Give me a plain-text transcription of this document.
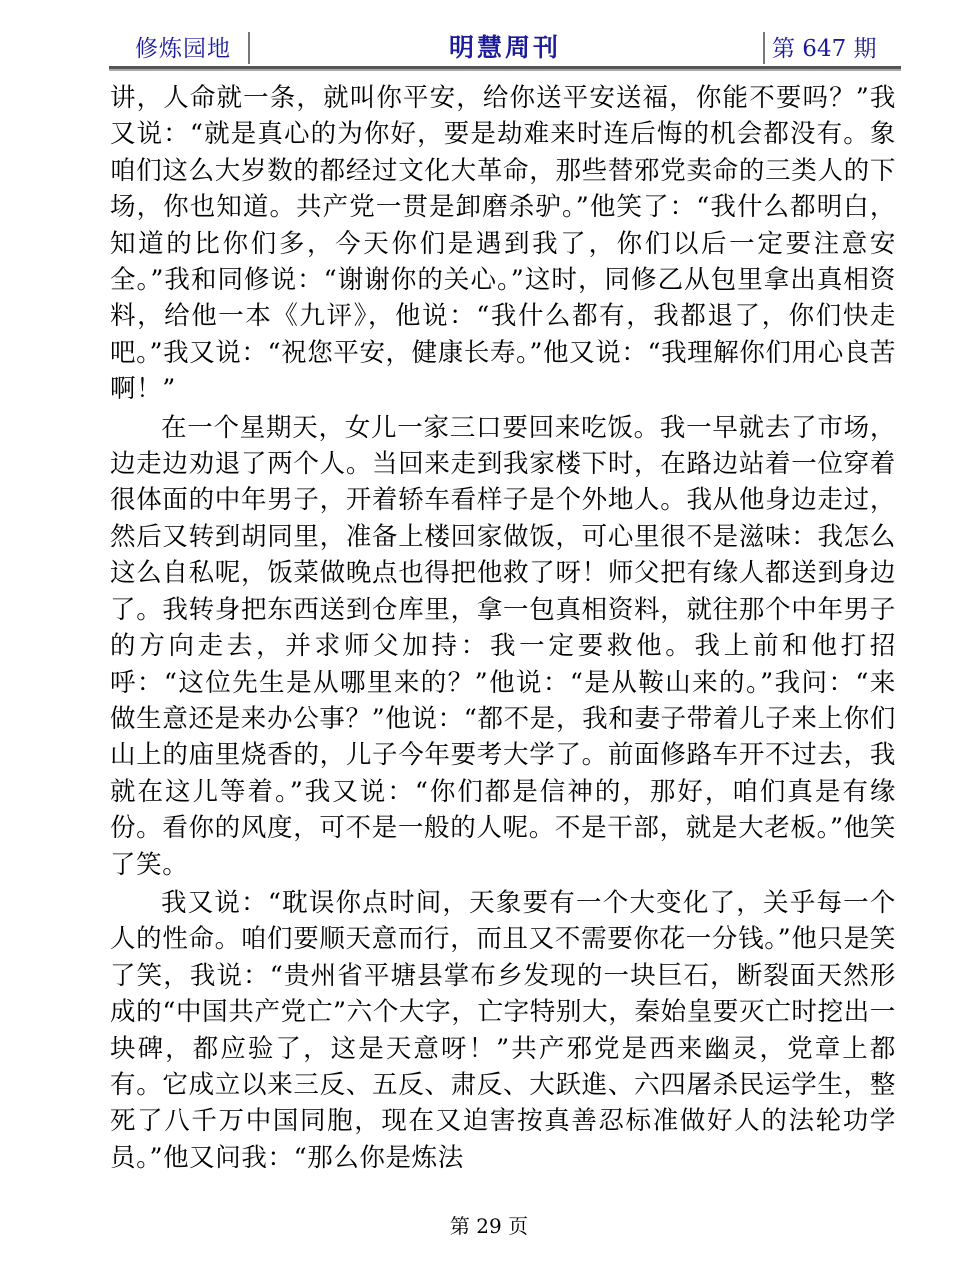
修炼园地	明慧周刊	第 647 期

讲，人命就一条，就叫你平安，给你送平安送福，你能不要吗？”我又说：“就是真心的为你好，要是劫难来时连后悔的机会都没有。象咱们这么大岁数的都经过文化大革命，那些替邪党卖命的三类人的下场，你也知道。共产党一贯是卸磨杀驴。”他笑了：“我什么都明白，知道的比你们多，今天你们是遇到我了，你们以后一定要注意安全。”我和同修说：“谢谢你的关心。”这时，同修乙从包里拿出真相资料，给他一本《九评》，他说：“我什么都有，我都退了，你们快走吧。”我又说：“祝您平安，健康长寿。”他又说：“我理解你们用心良苦啊！”

在一个星期天，女儿一家三口要回来吃饭。我一早就去了市场，边走边劝退了两个人。当回来走到我家楼下时，在路边站着一位穿着很体面的中年男子，开着轿车看样子是个外地人。我从他身边走过，然后又转到胡同里，准备上楼回家做饭，可心里很不是滋味：我怎么这么自私呢，饭菜做晚点也得把他救了呀！师父把有缘人都送到身边了。我转身把东西送到仓库里，拿一包真相资料，就往那个中年男子的方向走去，并求师父加持：我一定要救他。我上前和他打招呼：“这位先生是从哪里来的？”他说：“是从鞍山来的。”我问：“来做生意还是来办公事？”他说：“都不是，我和妻子带着儿子来上你们山上的庙里烧香的，儿子今年要考大学了。前面修路车开不过去，我就在这儿等着。”我又说：“你们都是信神的，那好，咱们真是有缘份。看你的风度，可不是一般的人呢。不是干部，就是大老板。”他笑了笑。

我又说：“耽误你点时间，天象要有一个大变化了，关乎每一个人的性命。咱们要顺天意而行，而且又不需要你花一分钱。”他只是笑了笑，我说：“贵州省平塘县掌布乡发现的一块巨石，断裂面天然形成的“中国共产党亡”六个大字，亡字特别大，秦始皇要灭亡时挖出一块碑，都应验了，这是天意呀！”共产邪党是西来幽灵，党章上都有。它成立以来三反、五反、肃反、大跃進、六四屠杀民运学生，整死了八千万中国同胞，现在又迫害按真善忍标准做好人的法轮功学员。”他又问我：“那么你是炼法

第 29 页
